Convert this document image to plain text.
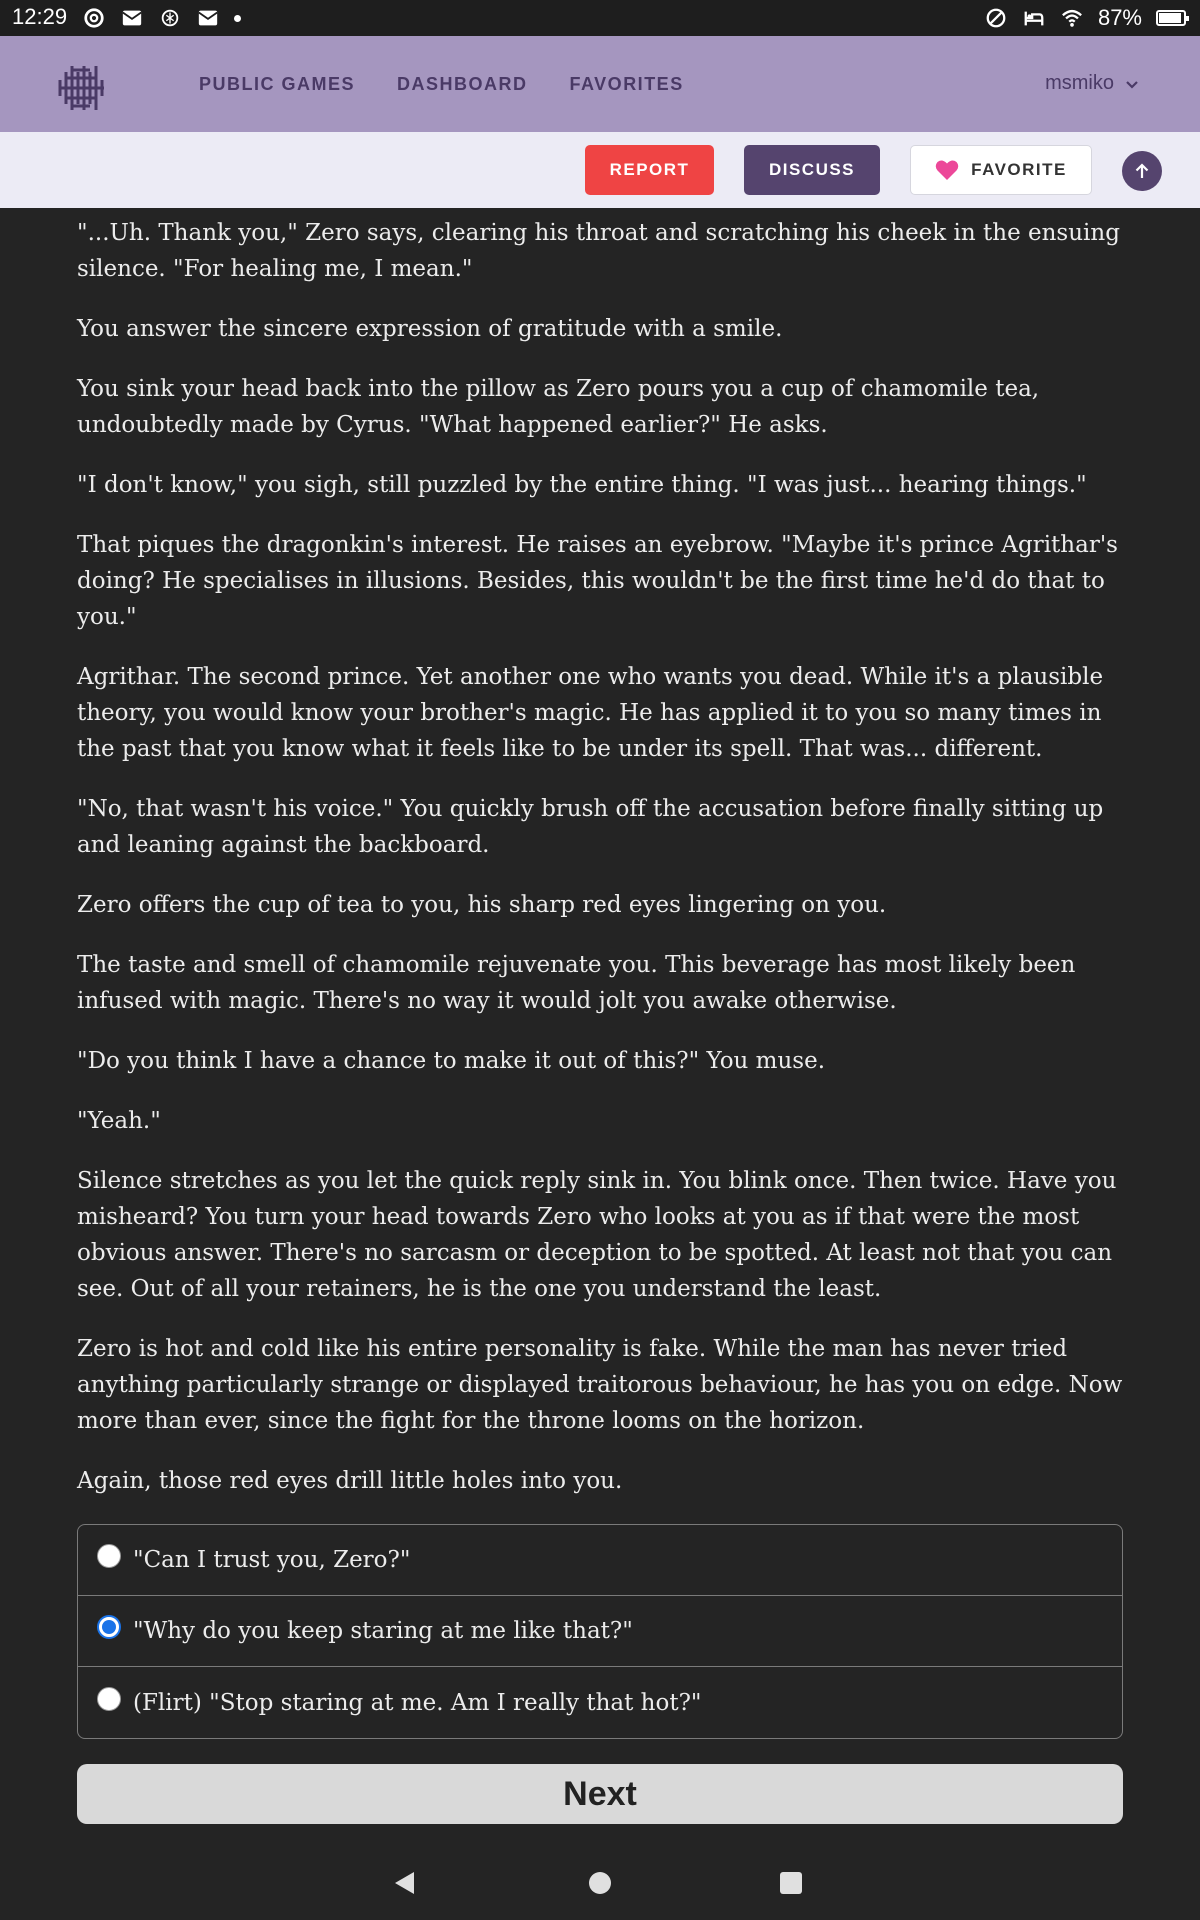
12:29	87%
PUBLIC GAMES DASHBOARD FAVORITES	msmiko
REPORT	DISCUSS	FAVORITE

"...Uh. Thank you," Zero says, clearing his throat and scratching his cheek in the ensuing silence. "For healing me, I mean."

You answer the sincere expression of gratitude with a smile.

You sink your head back into the pillow as Zero pours you a cup of chamomile tea, undoubtedly made by Cyrus. "What happened earlier?" He asks.

"I don't know," you sigh, still puzzled by the entire thing. "I was just... hearing things."

That piques the dragonkin's interest. He raises an eyebrow. "Maybe it's prince Agrithar's doing? He specialises in illusions. Besides, this wouldn't be the first time he'd do that to you."

Agrithar. The second prince. Yet another one who wants you dead. While it's a plausible theory, you would know your brother's magic. He has applied it to you so many times in the past that you know what it feels like to be under its spell. That was... different.

"No, that wasn't his voice." You quickly brush off the accusation before finally sitting up and leaning against the backboard.

Zero offers the cup of tea to you, his sharp red eyes lingering on you.

The taste and smell of chamomile rejuvenate you. This beverage has most likely been infused with magic. There's no way it would jolt you awake otherwise.

"Do you think I have a chance to make it out of this?" You muse.

"Yeah."

Silence stretches as you let the quick reply sink in. You blink once. Then twice. Have you misheard? You turn your head towards Zero who looks at you as if that were the most obvious answer. There's no sarcasm or deception to be spotted. At least not that you can see. Out of all your retainers, he is the one you understand the least.

Zero is hot and cold like his entire personality is fake. While the man has never tried anything particularly strange or displayed traitorous behaviour, he has you on edge. Now more than ever, since the fight for the throne looms on the horizon.

Again, those red eyes drill little holes into you.

"Can I trust you, Zero?"
"Why do you keep staring at me like that?"
(Flirt) "Stop staring at me. Am I really that hot?"
Next
